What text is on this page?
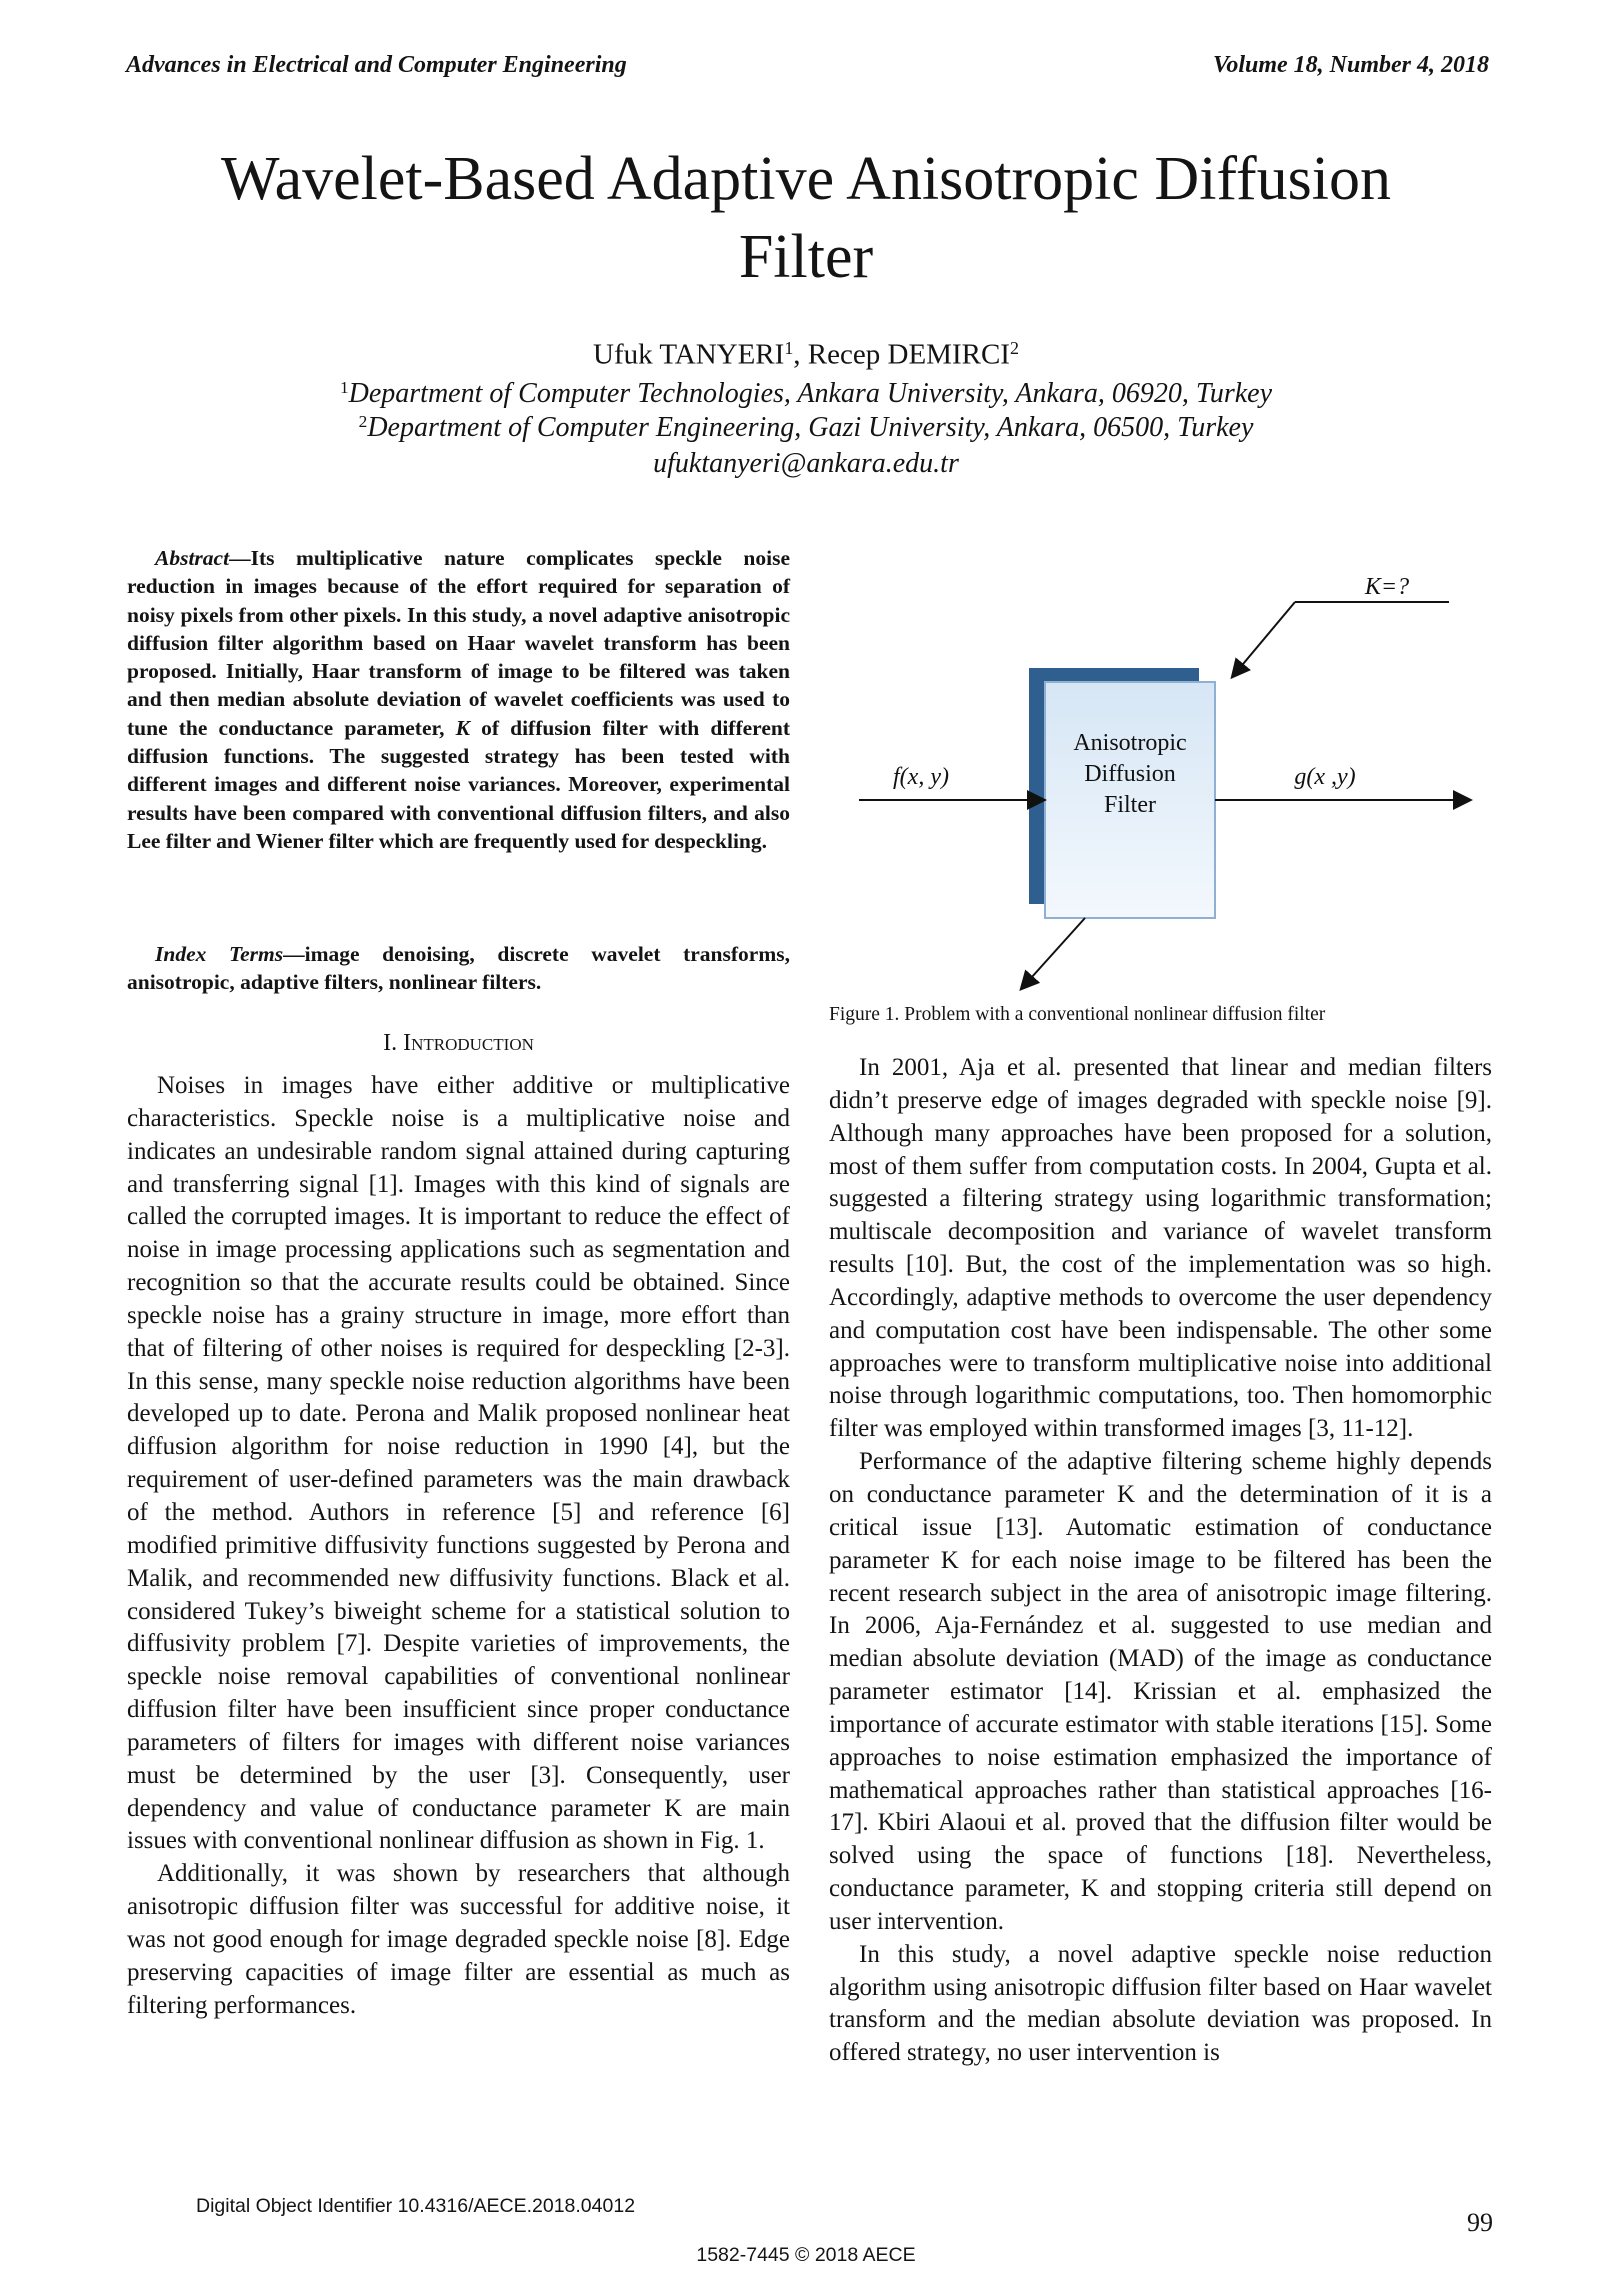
Advances in Electrical and Computer Engineering	Volume 18, Number 4, 2018
Wavelet-Based Adaptive Anisotropic Diffusion Filter
Ufuk TANYERI$^1$, Recep DEMIRCI$^2$
$^1$Department of Computer Technologies, Ankara University, Ankara, 06920, Turkey
$^2$Department of Computer Engineering, Gazi University, Ankara, 06500, Turkey
ufuktanyeri@ankara.edu.tr

Abstract—Its multiplicative nature complicates speckle noise reduction in images because of the effort required for separation of noisy pixels from other pixels. In this study, a novel adaptive anisotropic diffusion filter algorithm based on Haar wavelet transform has been proposed. Initially, Haar transform of image to be filtered was taken and then median absolute deviation of wavelet coefficients was used to tune the conductance parameter, K of diffusion filter with different diffusion functions. The suggested strategy has been tested with different images and different noise variances. Moreover, experimental results have been compared with conventional diffusion filters, and also Lee filter and Wiener filter which are frequently used for despeckling.

Index Terms—image denoising, discrete wavelet transforms, anisotropic, adaptive filters, nonlinear filters.

I. Introduction

Noises in images have either additive or multiplicative characteristics. Speckle noise is a multiplicative noise and indicates an undesirable random signal attained during capturing and transferring signal [1]. Images with this kind of signals are called the corrupted images. It is important to reduce the effect of noise in image processing applications such as segmentation and recognition so that the accurate results could be obtained. Since speckle noise has a grainy structure in image, more effort than that of filtering of other noises is required for despeckling [2-3]. In this sense, many speckle noise reduction algorithms have been developed up to date. Perona and Malik proposed nonlinear heat diffusion algorithm for noise reduction in 1990 [4], but the requirement of user-defined parameters was the main drawback of the method. Authors in reference [5] and reference [6] modified primitive diffusivity functions suggested by Perona and Malik, and recommended new diffusivity functions. Black et al. considered Tukey’s biweight scheme for a statistical solution to diffusivity problem [7]. Despite varieties of improvements, the speckle noise removal capabilities of conventional nonlinear diffusion filter have been insufficient since proper conductance parameters of filters for images with different noise variances must be determined by the user [3]. Consequently, user dependency and value of conductance parameter K are main issues with conventional nonlinear diffusion as shown in Fig. 1.

Additionally, it was shown by researchers that although anisotropic diffusion filter was successful for additive noise, it was not good enough for image degraded speckle noise [8]. Edge preserving capacities of image filter are essential as much as filtering performances.

Anisotropic
Diffusion
Filter
f(x, y)	g(x ,y)
K=?
Figure 1. Problem with a conventional nonlinear diffusion filter

In 2001, Aja et al. presented that linear and median filters didn’t preserve edge of images degraded with speckle noise [9]. Although many approaches have been proposed for a solution, most of them suffer from computation costs. In 2004, Gupta et al. suggested a filtering strategy using logarithmic transformation; multiscale decomposition and variance of wavelet transform results [10]. But, the cost of the implementation was so high. Accordingly, adaptive methods to overcome the user dependency and computation cost have been indispensable. The other some approaches were to transform multiplicative noise into additional noise through logarithmic computations, too. Then homomorphic filter was employed within transformed images [3, 11-12].

Performance of the adaptive filtering scheme highly depends on conductance parameter K and the determination of it is a critical issue [13]. Automatic estimation of conductance parameter K for each noise image to be filtered has been the recent research subject in the area of anisotropic image filtering. In 2006, Aja-Fernández et al. suggested to use median and median absolute deviation (MAD) of the image as conductance parameter estimator [14]. Krissian et al. emphasized the importance of accurate estimator with stable iterations [15]. Some approaches to noise estimation emphasized the importance of mathematical approaches rather than statistical approaches [16-17]. Kbiri Alaoui et al. proved that the diffusion filter would be solved using the space of functions [18]. Nevertheless, conductance parameter, K and stopping criteria still depend on user intervention.

In this study, a novel adaptive speckle noise reduction algorithm using anisotropic diffusion filter based on Haar wavelet transform and the median absolute deviation was proposed. In offered strategy, no user intervention is

Digital Object Identifier 10.4316/AECE.2018.04012
99
1582-7445 © 2018 AECE
